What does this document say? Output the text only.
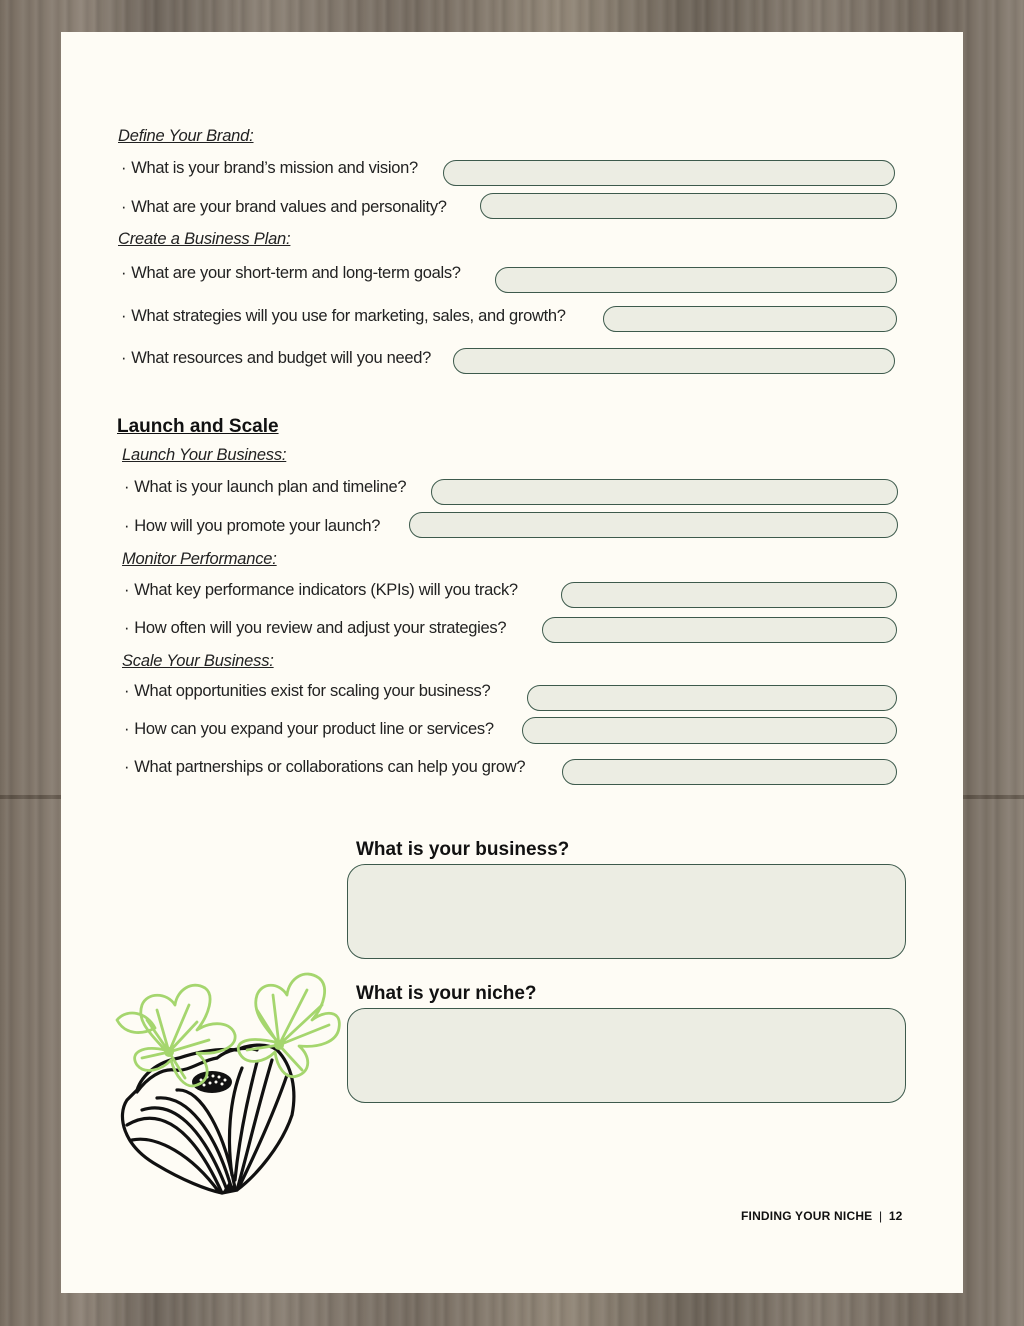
Define Your Brand:
· What is your brand’s mission and vision?
· What are your brand values and personality?
Create a Business Plan:
· What are your short-term and long-term goals?
· What strategies will you use for marketing, sales, and growth?
· What resources and budget will you need?
Launch and Scale
Launch Your Business:
· What is your launch plan and timeline?
· How will you promote your launch?
Monitor Performance:
· What key performance indicators (KPIs) will you track?
· How often will you review and adjust your strategies?
Scale Your Business:
· What opportunities exist for scaling your business?
· How can you expand your product line or services?
· What partnerships or collaborations can help you grow?
What is your business?
What is your niche?
FINDING YOUR NICHE | 12
